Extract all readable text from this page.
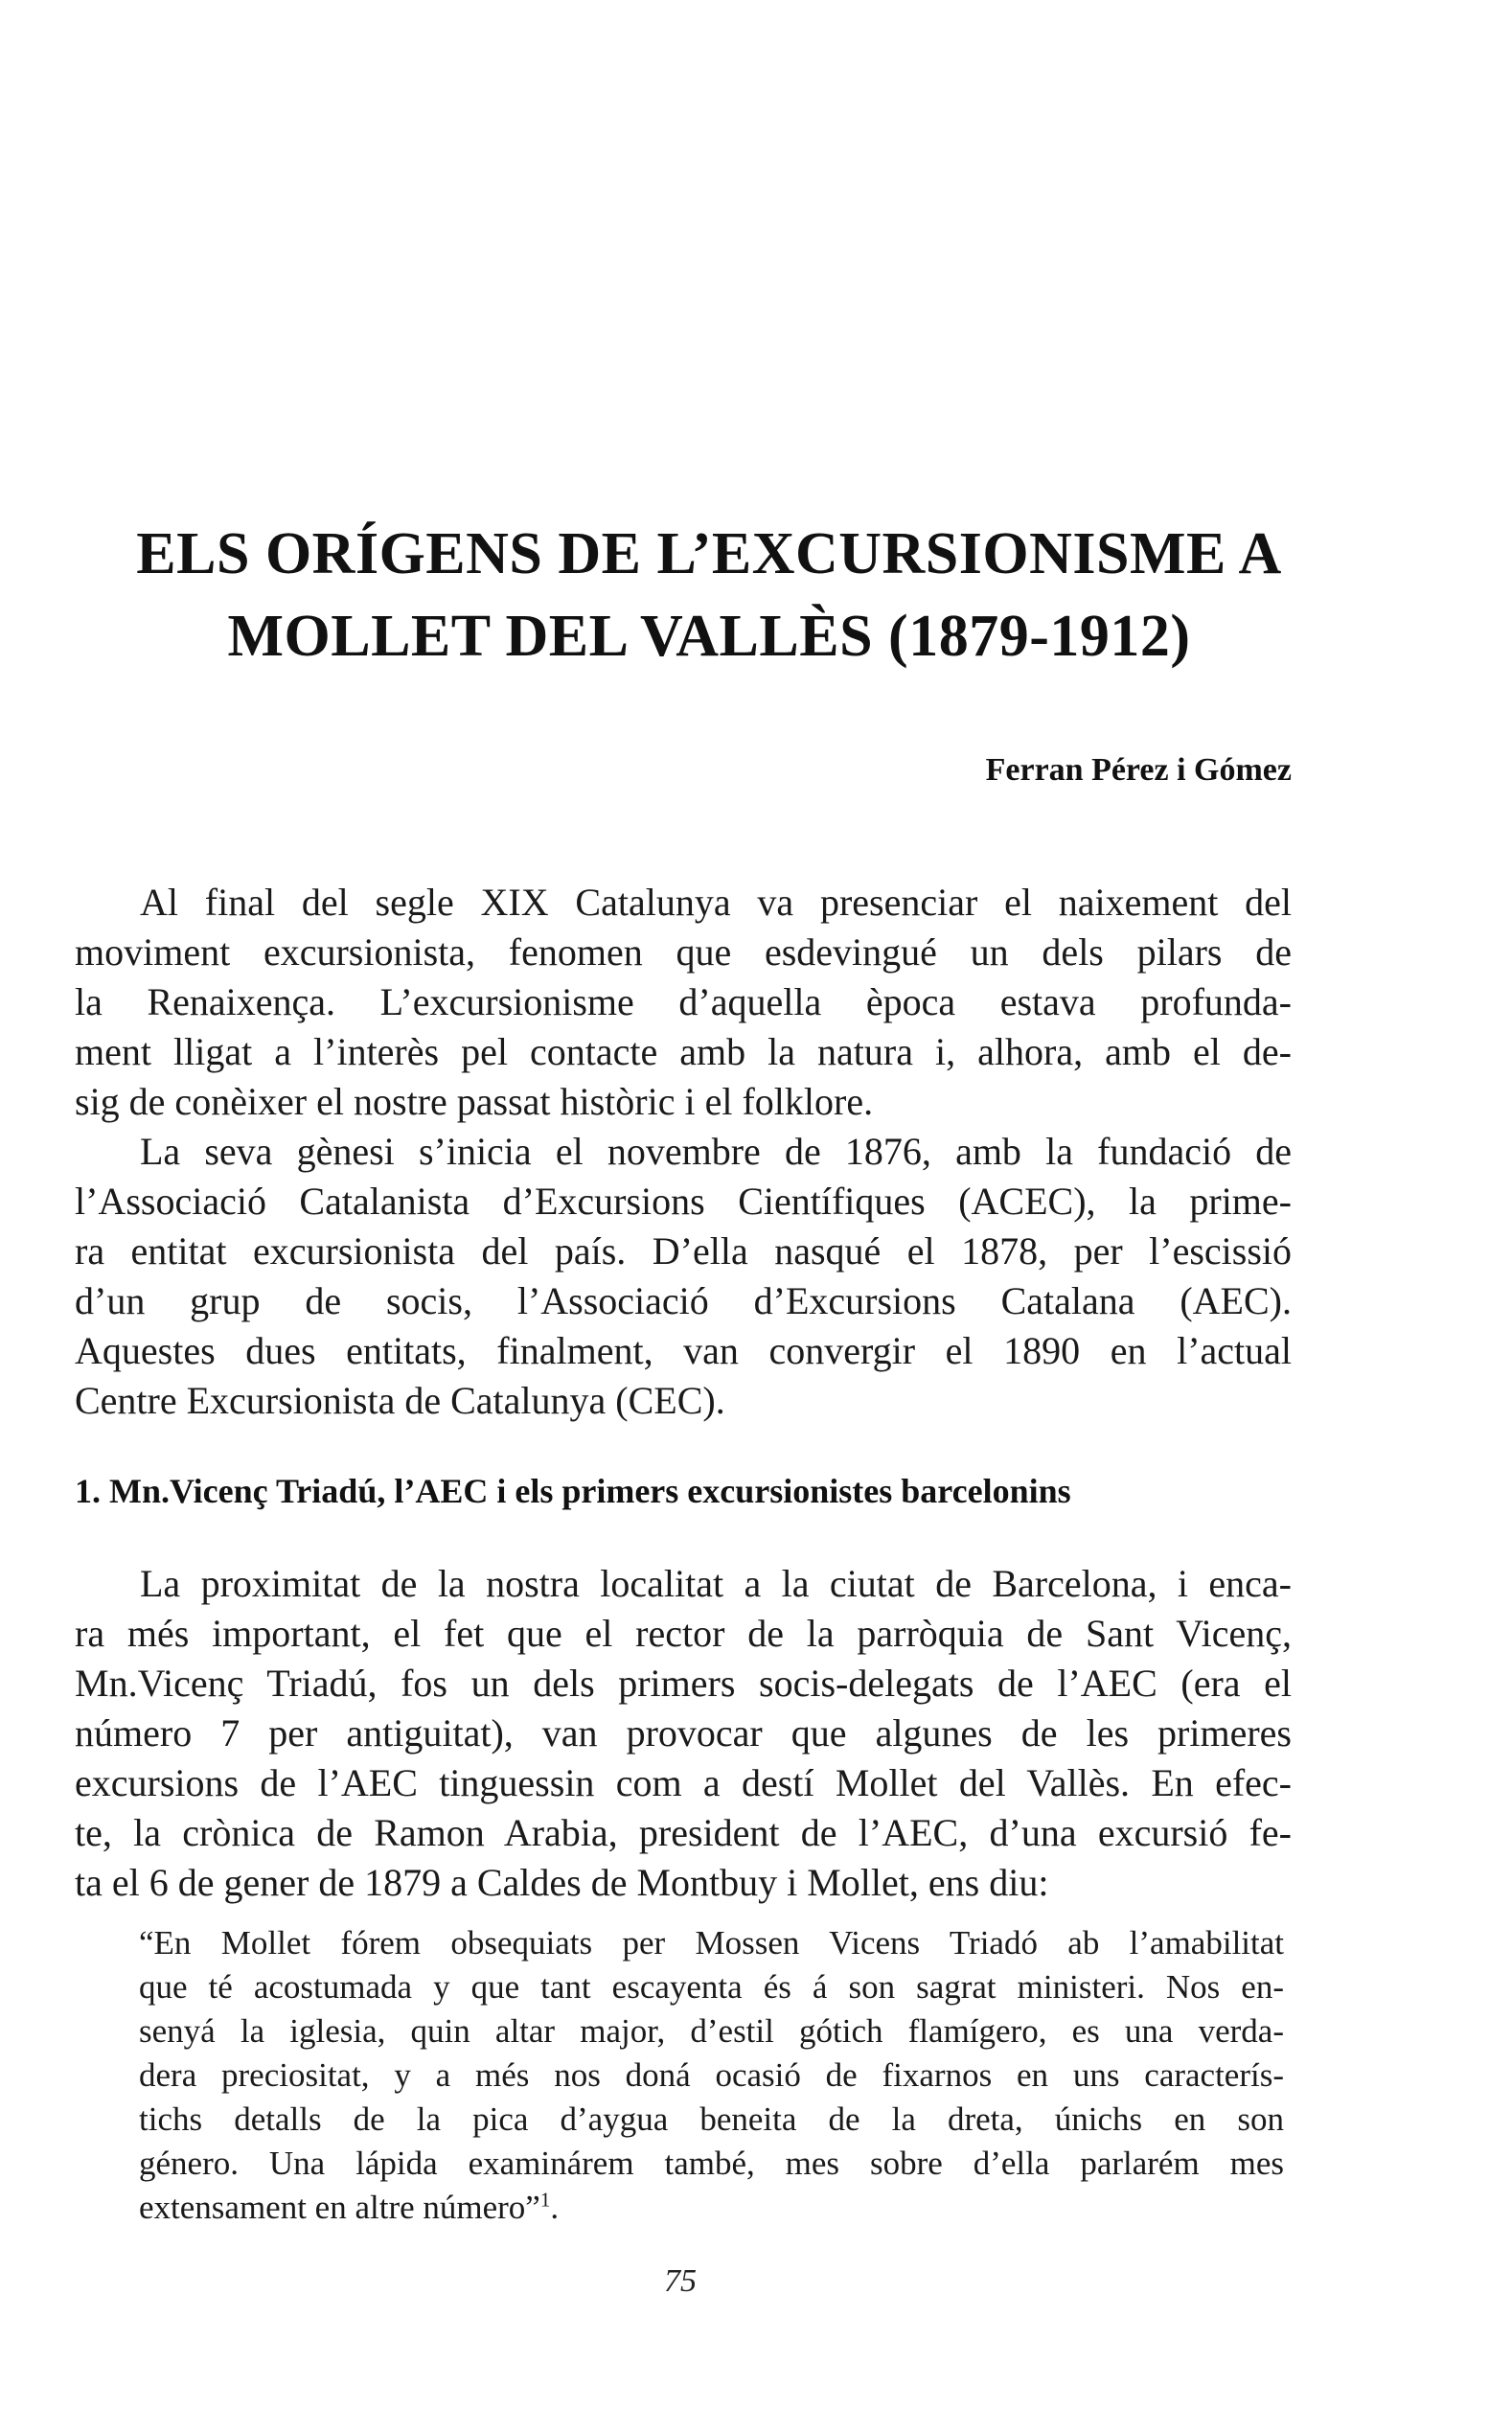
ELS ORÍGENS DE L’EXCURSIONISME A
MOLLET DEL VALLÈS (1879-1912)
Ferran Pérez i Gómez
Al final del segle XIX Catalunya va presenciar el naixement del
moviment excursionista, fenomen que esdevingué un dels pilars de
la Renaixença. L’excursionisme d’aquella època estava profunda-
ment lligat a l’interès pel contacte amb la natura i, alhora, amb el de-
sig de conèixer el nostre passat històric i el folklore.
La seva gènesi s’inicia el novembre de 1876, amb la fundació de
l’Associació Catalanista d’Excursions Científiques (ACEC), la prime-
ra entitat excursionista del país. D’ella nasqué el 1878, per l’escissió
d’un grup de socis, l’Associació d’Excursions Catalana (AEC).
Aquestes dues entitats, finalment, van convergir el 1890 en l’actual
Centre Excursionista de Catalunya (CEC).
1. Mn.Vicenç Triadú, l’AEC i els primers excursionistes barcelonins
La proximitat de la nostra localitat a la ciutat de Barcelona, i enca-
ra més important, el fet que el rector de la parròquia de Sant Vicenç,
Mn.Vicenç Triadú, fos un dels primers socis-delegats de l’AEC (era el
número 7 per antiguitat), van provocar que algunes de les primeres
excursions de l’AEC tinguessin com a destí Mollet del Vallès. En efec-
te, la crònica de Ramon Arabia, president de l’AEC, d’una excursió fe-
ta el 6 de gener de 1879 a Caldes de Montbuy i Mollet, ens diu:
“En Mollet fórem obsequiats per Mossen Vicens Triadó ab l’amabilitat
que té acostumada y que tant escayenta és á son sagrat ministeri. Nos en-
senyá la iglesia, quin altar major, d’estil gótich flamígero, es una verda-
dera preciositat, y a més nos doná ocasió de fixarnos en uns caracterís-
tichs detalls de la pica d’aygua beneita de la dreta, únichs en son
género. Una lápida examinárem també, mes sobre d’ella parlarém mes
extensament en altre número”$^1$.
75
